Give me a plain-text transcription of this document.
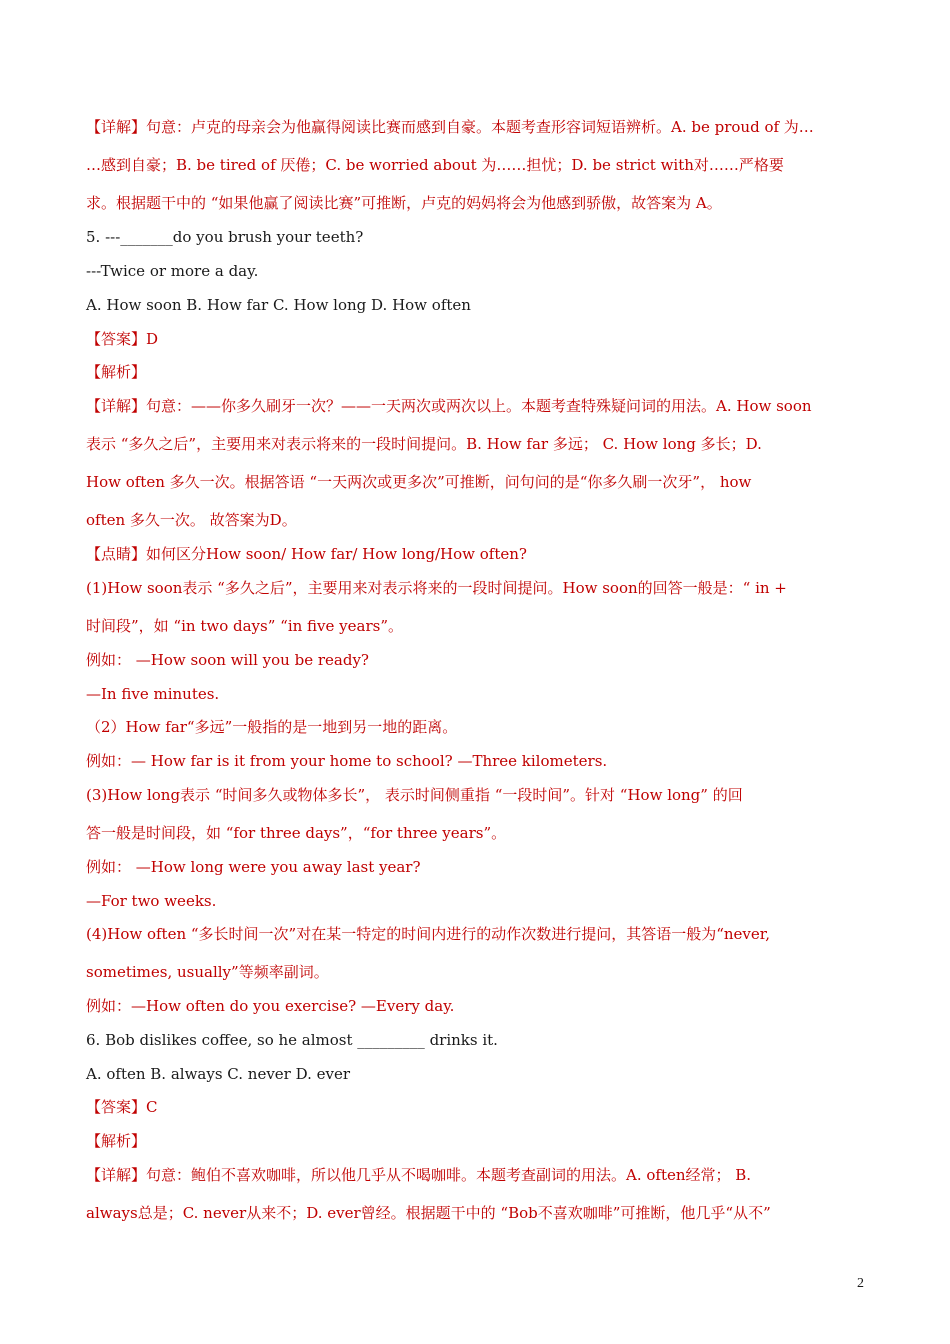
【详解】句意：卢克的母亲会为他赢得阅读比赛而感到自豪。本题考查形容词短语辨析。A. be proud of 为…
…感到自豪；B. be tired of 厌倦；C. be worried about 为……担忧；D. be strict with对……严格要
求。根据题干中的 “如果他赢了阅读比赛”可推断，卢克的妈妈将会为他感到骄傲，故答案为 A。
5. ---_______do you brush your teeth?
---Twice or more a day.
A. How soon B. How far C. How long D. How often
【答案】D
【解析】
【详解】句意：——你多久刷牙一次？——一天两次或两次以上。本题考查特殊疑问词的用法。A. How soon
表示 “多久之后”，主要用来对表示将来的一段时间提问。B. How far 多远； C. How long 多长；D.
How often 多久一次。根据答语 “一天两次或更多次”可推断，问句问的是“你多久刷一次牙”， how
often 多久一次。 故答案为D。
【点睛】如何区分How soon/ How far/ How long/How often?
(1)How soon表示 “多久之后”，主要用来对表示将来的一段时间提问。How soon的回答一般是：“ in +
时间段”，如 “in two days” “in five years”。
例如： —How soon will you be ready?
—In five minutes.
（2）How far“多远”一般指的是一地到另一地的距离。
例如：— How far is it from your home to school? —Three kilometers.
(3)How long表示 “时间多久或物体多长”， 表示时间侧重指 “一段时间”。针对 “How long” 的回
答一般是时间段，如 “for three days”，“for three years”。
例如： —How long were you away last year?
—For two weeks.
(4)How often “多长时间一次”对在某一特定的时间内进行的动作次数进行提问，其答语一般为“never,
sometimes, usually”等频率副词。
例如：—How often do you exercise? —Every day.
6. Bob dislikes coffee, so he almost _________ drinks it.
A. often B. always C. never D. ever
【答案】C
【解析】
【详解】句意：鲍伯不喜欢咖啡，所以他几乎从不喝咖啡。本题考查副词的用法。A. often经常； B.
always总是；C. never从来不；D. ever曾经。根据题干中的 “Bob不喜欢咖啡”可推断，他几乎“从不”
2
